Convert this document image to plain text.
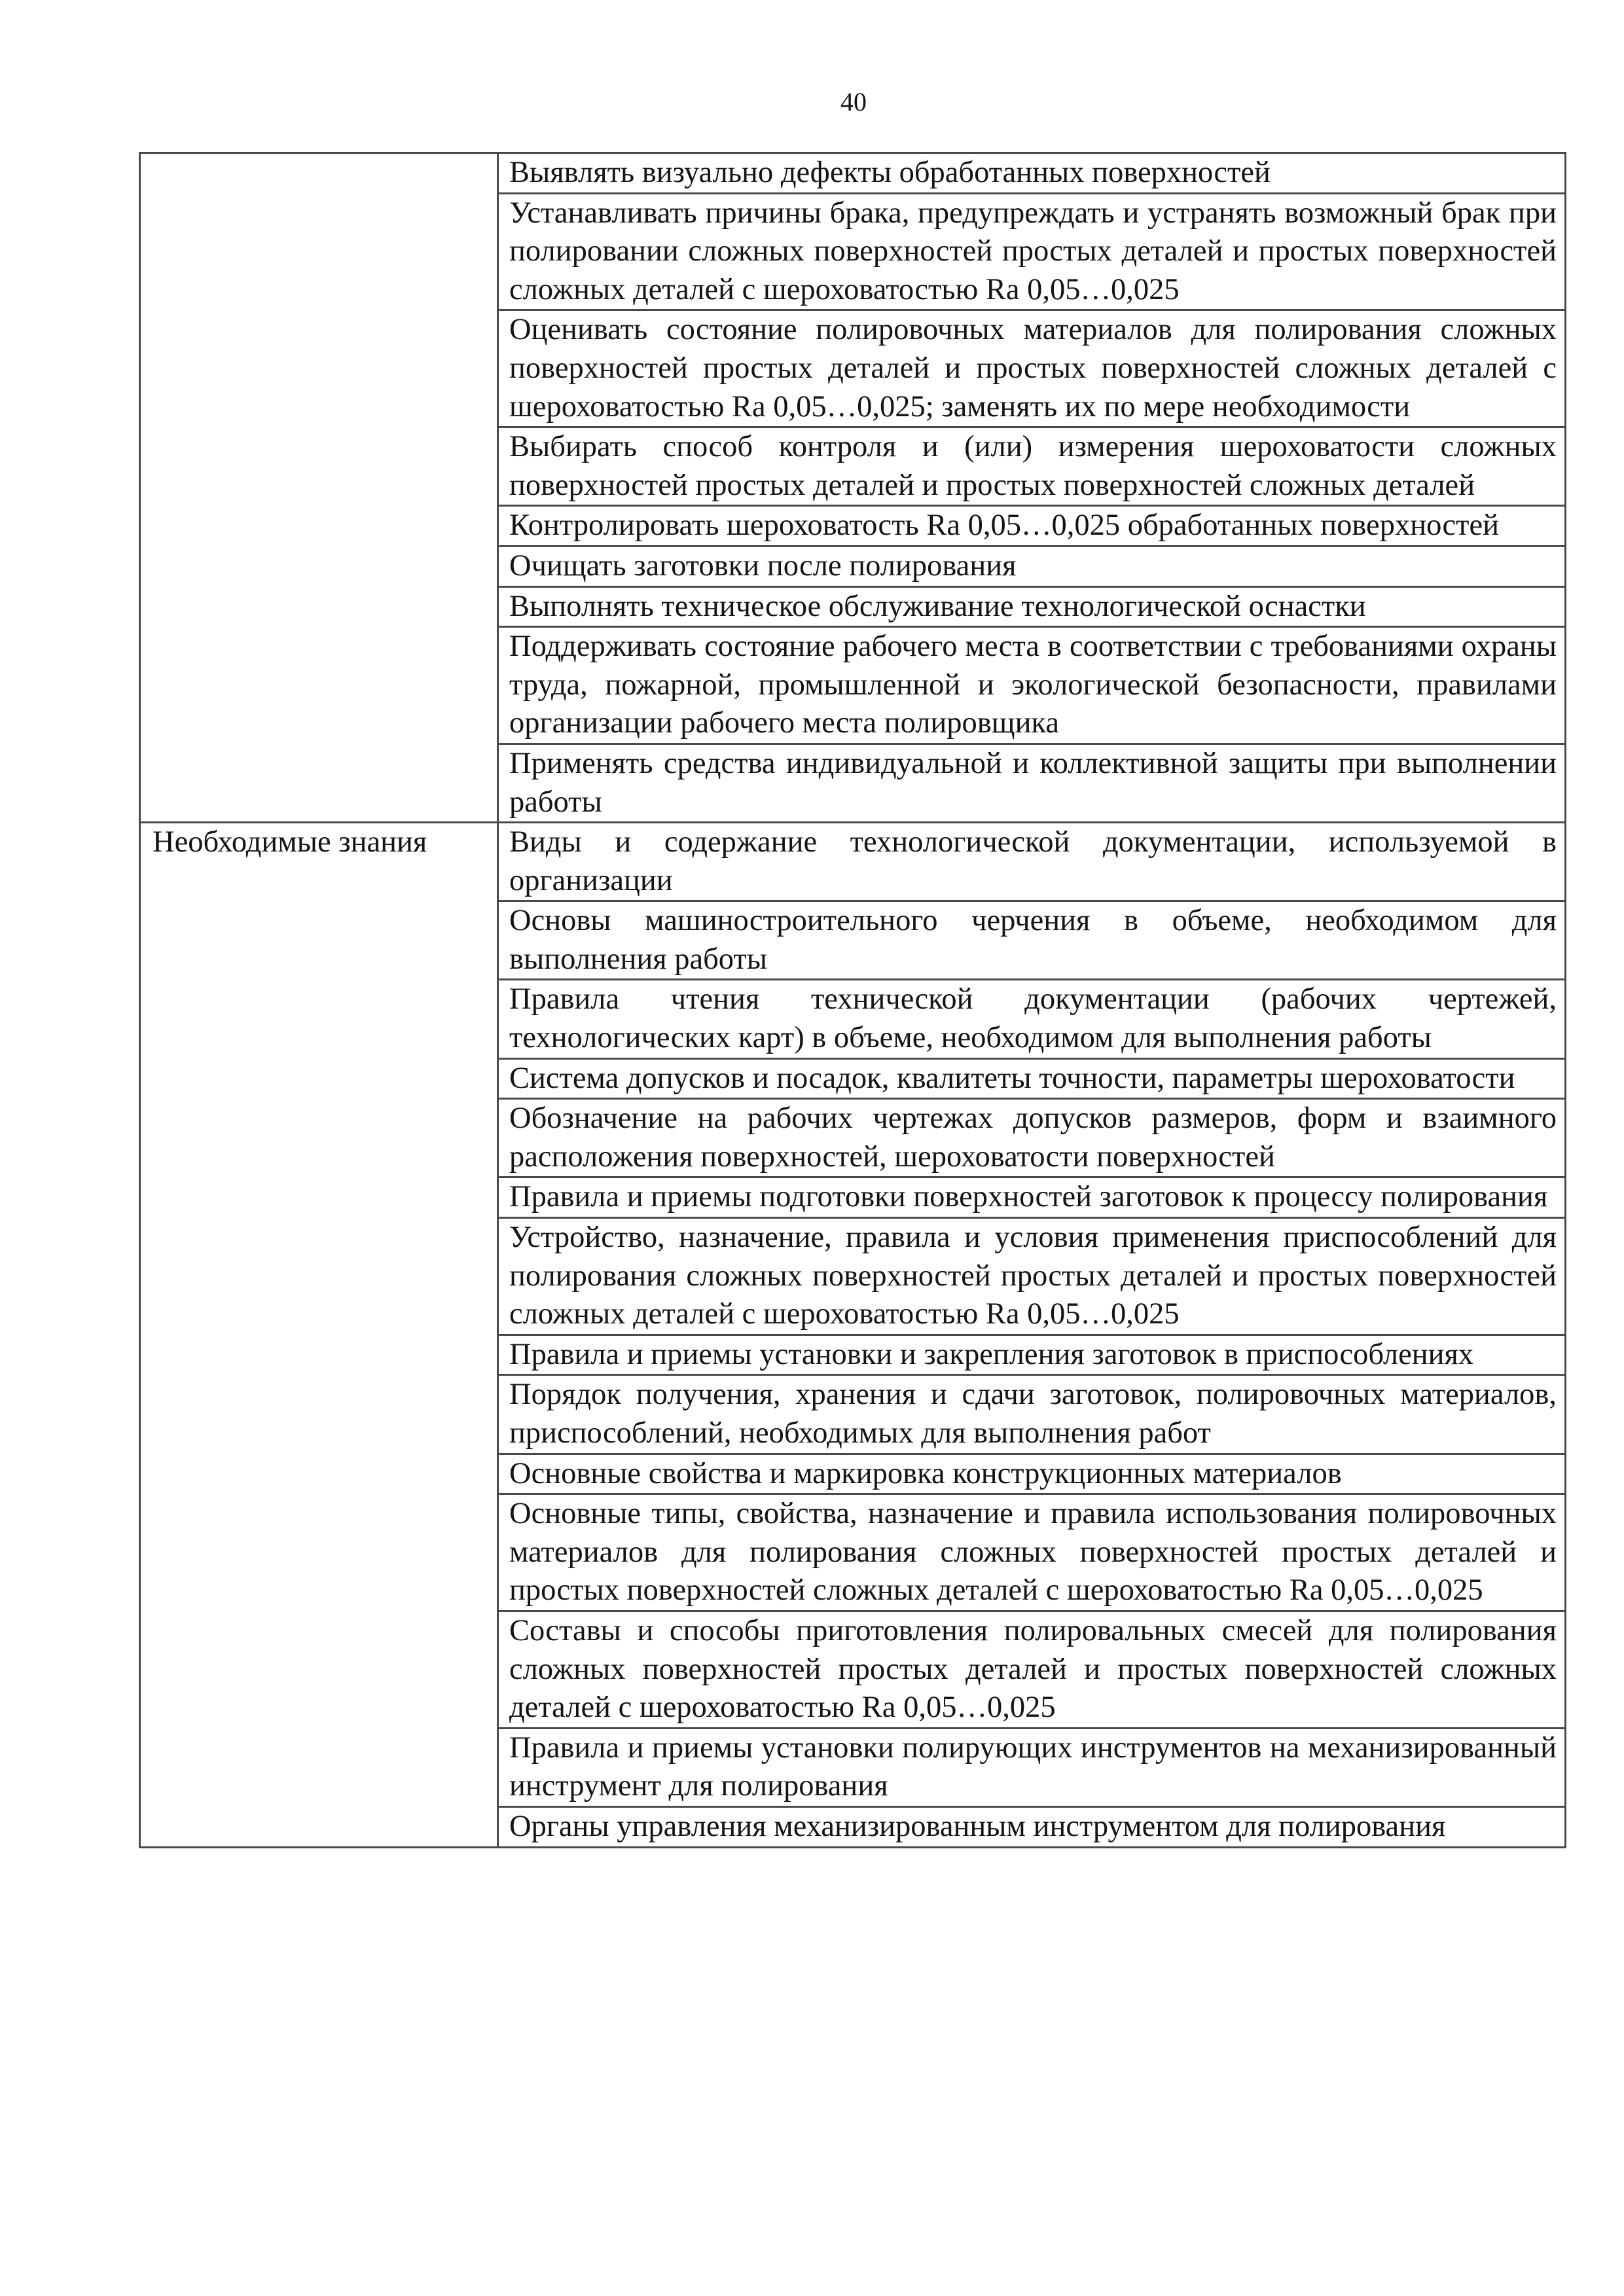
40
	Выявлять визуально дефекты обработанных поверхностей
	Устанавливать причины брака, предупреждать и устранять возможный брак при полировании сложных поверхностей простых деталей и простых поверхностей сложных деталей с шероховатостью Ra 0,05…0,025
	Оценивать состояние полировочных материалов для полирования сложных поверхностей простых деталей и простых поверхностей сложных деталей с шероховатостью Ra 0,05…0,025; заменять их по мере необходимости
	Выбирать способ контроля и (или) измерения шероховатости сложных поверхностей простых деталей и простых поверхностей сложных деталей
	Контролировать шероховатость Ra 0,05…0,025 обработанных поверхностей
	Очищать заготовки после полирования
	Выполнять техническое обслуживание технологической оснастки
	Поддерживать состояние рабочего места в соответствии с требованиями охраны труда, пожарной, промышленной и экологической безопасности, правилами организации рабочего места полировщика
	Применять средства индивидуальной и коллективной защиты при выполнении работы
Необходимые знания	Виды и содержание технологической документации, используемой в организации
	Основы машиностроительного черчения в объеме, необходимом для выполнения работы
	Правила чтения технической документации (рабочих чертежей, технологических карт) в объеме, необходимом для выполнения работы
	Система допусков и посадок, квалитеты точности, параметры шероховатости
	Обозначение на рабочих чертежах допусков размеров, форм и взаимного расположения поверхностей, шероховатости поверхностей
	Правила и приемы подготовки поверхностей заготовок к процессу полирования
	Устройство, назначение, правила и условия применения приспособлений для полирования сложных поверхностей простых деталей и простых поверхностей сложных деталей с шероховатостью Ra 0,05…0,025
	Правила и приемы установки и закрепления заготовок в приспособлениях
	Порядок получения, хранения и сдачи заготовок, полировочных материалов, приспособлений, необходимых для выполнения работ
	Основные свойства и маркировка конструкционных материалов
	Основные типы, свойства, назначение и правила использования полировочных материалов для полирования сложных поверхностей простых деталей и простых поверхностей сложных деталей с шероховатостью Ra 0,05…0,025
	Составы и способы приготовления полировальных смесей для полирования сложных поверхностей простых деталей и простых поверхностей сложных деталей с шероховатостью Ra 0,05…0,025
	Правила и приемы установки полирующих инструментов на механизированный инструмент для полирования
	Органы управления механизированным инструментом для полирования
